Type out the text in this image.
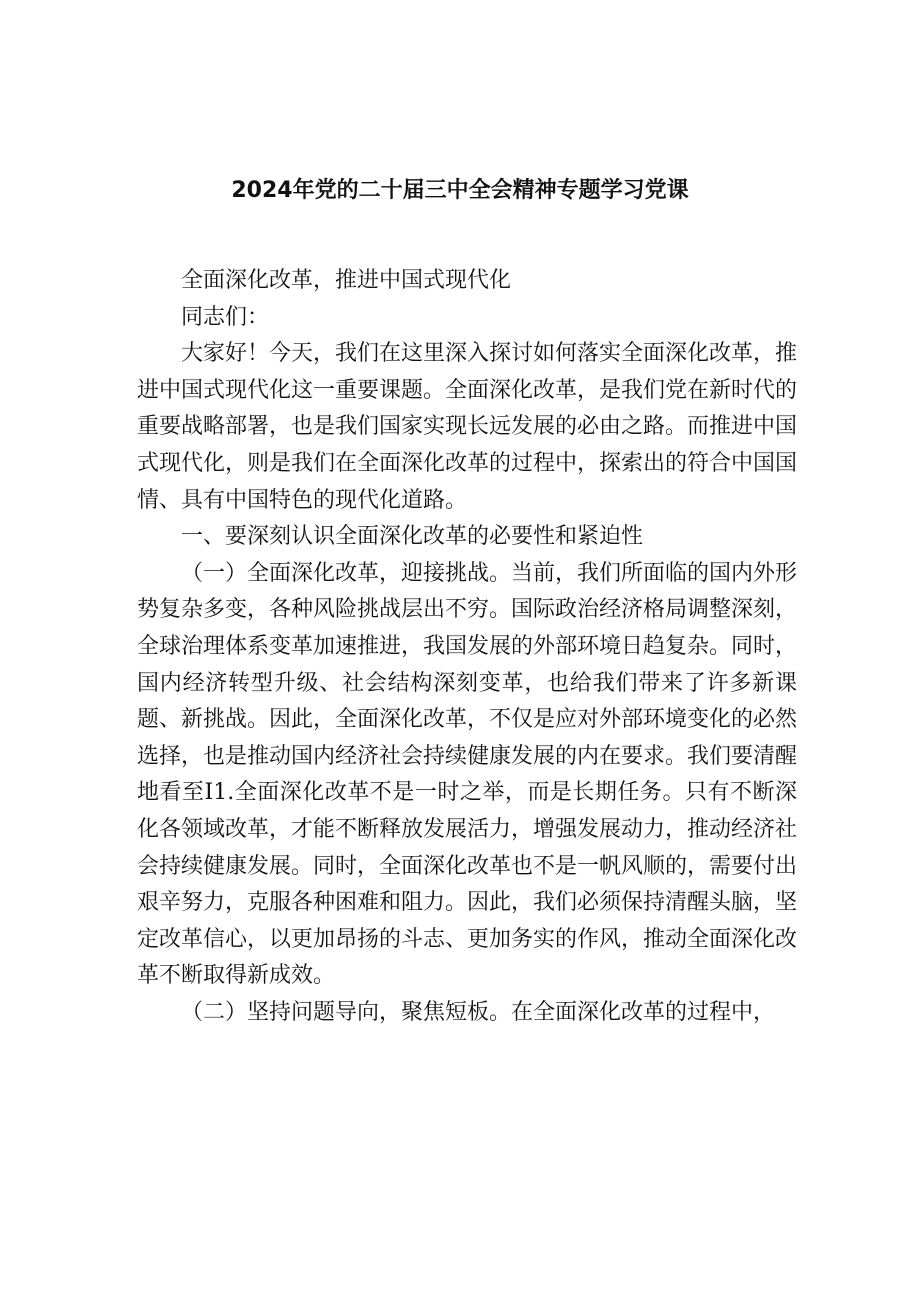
2024年党的二十届三中全会精神专题学习党课

全面深化改革，推进中国式现代化

同志们：

大家好！今天，我们在这里深入探讨如何落实全面深化改革，推进中国式现代化这一重要课题。全面深化改革，是我们党在新时代的重要战略部署，也是我们国家实现长远发展的必由之路。而推进中国式现代化，则是我们在全面深化改革的过程中，探索出的符合中国国情、具有中国特色的现代化道路。

一、要深刻认识全面深化改革的必要性和紧迫性

（一）全面深化改革，迎接挑战。当前，我们所面临的国内外形势复杂多变，各种风险挑战层出不穷。国际政治经济格局调整深刻，全球治理体系变革加速推进，我国发展的外部环境日趋复杂。同时，国内经济转型升级、社会结构深刻变革，也给我们带来了许多新课题、新挑战。因此，全面深化改革，不仅是应对外部环境变化的必然选择，也是推动国内经济社会持续健康发展的内在要求。我们要清醒地看至I1.全面深化改革不是一时之举，而是长期任务。只有不断深化各领域改革，才能不断释放发展活力，增强发展动力，推动经济社会持续健康发展。同时，全面深化改革也不是一帆风顺的，需要付出艰辛努力，克服各种困难和阻力。因此，我们必须保持清醒头脑，坚定改革信心，以更加昂扬的斗志、更加务实的作风，推动全面深化改革不断取得新成效。

（二）坚持问题导向，聚焦短板。在全面深化改革的过程中，
